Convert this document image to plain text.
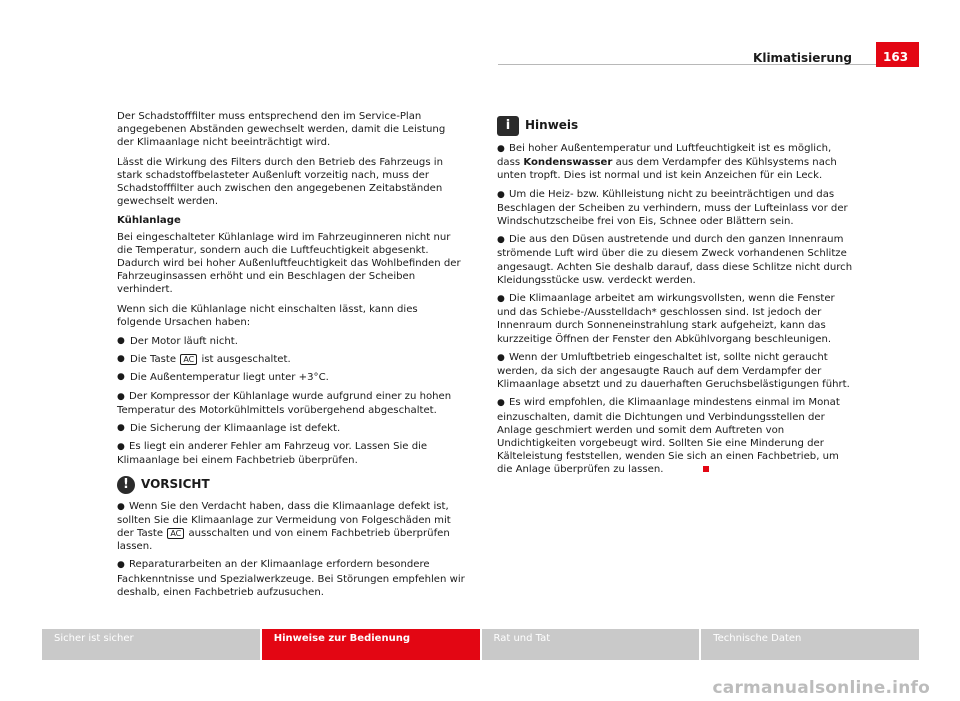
Klimatisierung	163

Der Schadstofffilter muss entsprechend den im Service-Plan angegebenen Abständen gewechselt werden, damit die Leistung der Klimaanlage nicht beeinträchtigt wird.

Lässt die Wirkung des Filters durch den Betrieb des Fahrzeugs in stark schadstoffbelasteter Außenluft vorzeitig nach, muss der Schadstofffilter auch zwischen den angegebenen Zeitabständen gewechselt werden.

Kühlanlage

Bei eingeschalteter Kühlanlage wird im Fahrzeuginneren nicht nur die Temperatur, sondern auch die Luftfeuchtigkeit abgesenkt. Dadurch wird bei hoher Außenluftfeuchtigkeit das Wohlbefinden der Fahrzeuginsassen erhöht und ein Beschlagen der Scheiben verhindert.

Wenn sich die Kühlanlage nicht einschalten lässt, kann dies folgende Ursachen haben:

● Der Motor läuft nicht.

● Die Taste AC ist ausgeschaltet.

● Die Außentemperatur liegt unter +3°C.

● Der Kompressor der Kühlanlage wurde aufgrund einer zu hohen Temperatur des Motorkühlmittels vorübergehend abgeschaltet.

● Die Sicherung der Klimaanlage ist defekt.

● Es liegt ein anderer Fehler am Fahrzeug vor. Lassen Sie die Klimaanlage bei einem Fachbetrieb überprüfen.

!	VORSICHT

● Wenn Sie den Verdacht haben, dass die Klimaanlage defekt ist, sollten Sie die Klimaanlage zur Vermeidung von Folgeschäden mit der Taste AC ausschalten und von einem Fachbetrieb überprüfen lassen.

● Reparaturarbeiten an der Klimaanlage erfordern besondere Fachkenntnisse und Spezialwerkzeuge. Bei Störungen empfehlen wir deshalb, einen Fachbetrieb aufzusuchen.

i	Hinweis

● Bei hoher Außentemperatur und Luftfeuchtigkeit ist es möglich, dass Kondenswasser aus dem Verdampfer des Kühlsystems nach unten tropft. Dies ist normal und ist kein Anzeichen für ein Leck.

● Um die Heiz- bzw. Kühlleistung nicht zu beeinträchtigen und das Beschlagen der Scheiben zu verhindern, muss der Lufteinlass vor der Windschutzscheibe frei von Eis, Schnee oder Blättern sein.

● Die aus den Düsen austretende und durch den ganzen Innenraum strömende Luft wird über die zu diesem Zweck vorhandenen Schlitze angesaugt. Achten Sie deshalb darauf, dass diese Schlitze nicht durch Kleidungsstücke usw. verdeckt werden.

● Die Klimaanlage arbeitet am wirkungsvollsten, wenn die Fenster und das Schiebe-/Ausstelldach* geschlossen sind. Ist jedoch der Innenraum durch Sonneneinstrahlung stark aufgeheizt, kann das kurzzeitige Öffnen der Fenster den Abkühlvorgang beschleunigen.

● Wenn der Umluftbetrieb eingeschaltet ist, sollte nicht geraucht werden, da sich der angesaugte Rauch auf dem Verdampfer der Klimaanlage absetzt und zu dauerhaften Geruchsbelästigungen führt.

● Es wird empfohlen, die Klimaanlage mindestens einmal im Monat einzuschalten, damit die Dichtungen und Verbindungsstellen der Anlage geschmiert werden und somit dem Auftreten von Undichtigkeiten vorgebeugt wird. Sollten Sie eine Minderung der Kälteleistung feststellen, wenden Sie sich an einen Fachbetrieb, um die Anlage überprüfen zu lassen.

Sicher ist sicher	Hinweise zur Bedienung	Rat und Tat	Technische Daten
carmanualsonline.info
